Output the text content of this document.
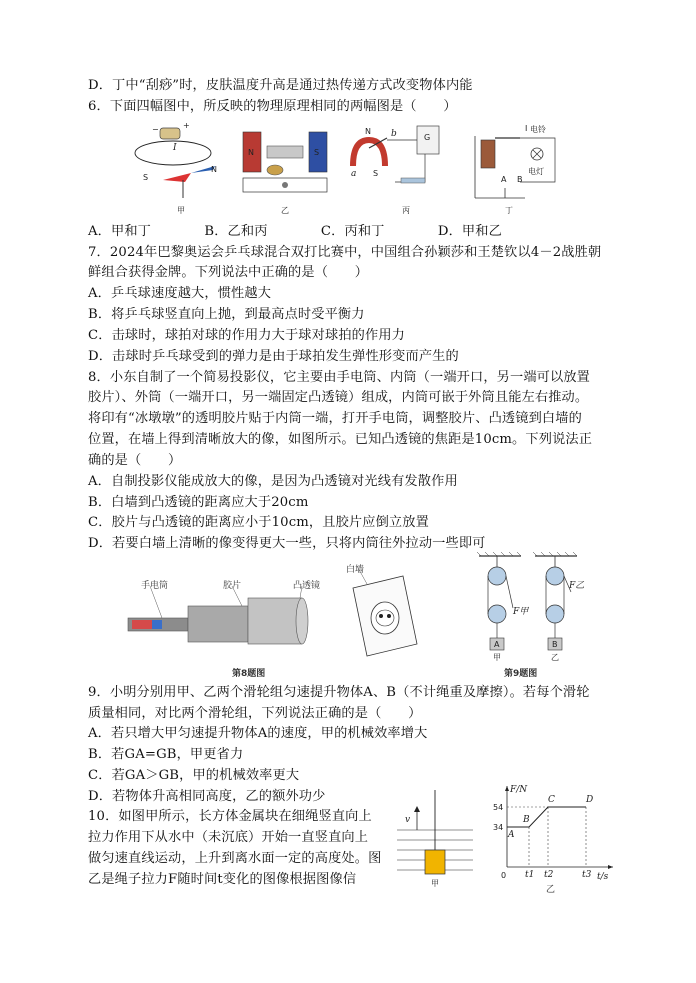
D．丁中“刮痧”时，皮肤温度升高是通过热传递方式改变物体内能
6．下面四幅图中，所反映的物理原理相同的两幅图是（　　）
A．甲和丁　　　　B．乙和丙　　　　C．丙和丁　　　　D．甲和乙
7．2024年巴黎奥运会乒乓球混合双打比赛中，中国组合孙颖莎和王楚钦以4－2战胜朝
鲜组合获得金牌。下列说法中正确的是（　　）
A．乒乓球速度越大，惯性越大
B．将乒乓球竖直向上抛，到最高点时受平衡力
C．击球时，球拍对球的作用力大于球对球拍的作用力
D．击球时乒乓球受到的弹力是由于球拍发生弹性形变而产生的
8．小东自制了一个简易投影仪，它主要由手电筒、内筒（一端开口，另一端可以放置
胶片）、外筒（一端开口，另一端固定凸透镜）组成，内筒可嵌于外筒且能左右推动。
将印有“冰墩墩”的透明胶片贴于内筒一端，打开手电筒，调整胶片、凸透镜到白墙的
位置，在墙上得到清晰放大的像，如图所示。已知凸透镜的焦距是10cm。下列说法正
确的是（　　）
A．自制投影仪能成放大的像，是因为凸透镜对光线有发散作用
B．白墙到凸透镜的距离应大于20cm
C．胶片与凸透镜的距离应小于10cm，且胶片应倒立放置
D．若要白墙上清晰的像变得更大一些，只将内筒往外拉动一些即可
9．小明分别用甲、乙两个滑轮组匀速提升物体A、B（不计绳重及摩擦）。若每个滑轮
质量相同，对比两个滑轮组，下列说法正确的是（　　）
A．若只增大甲匀速提升物体A的速度，甲的机械效率增大
B．若GA=GB，甲更省力
C．若GA＞GB，甲的机械效率更大
D．若物体升高相同高度，乙的额外功少
10．如图甲所示，长方体金属块在细绳竖直向上
拉力作用下从水中（未沉底）开始一直竖直向上
做匀速直线运动，上升到离水面一定的高度处。图
乙是绳子拉力F随时间t变化的图像根据图像信
−	+
I
S
N
N	S
N
S
a
b	G
电铃
电灯
I
A B
甲	乙	丙	丁
手电筒	胶片	凸透镜
白墙
第8题图
A
F甲
甲
B
F乙
乙
第9题图
v
甲
F/N
t/s
54
34
0
A
B
C	D
t1 t2	t3
乙
